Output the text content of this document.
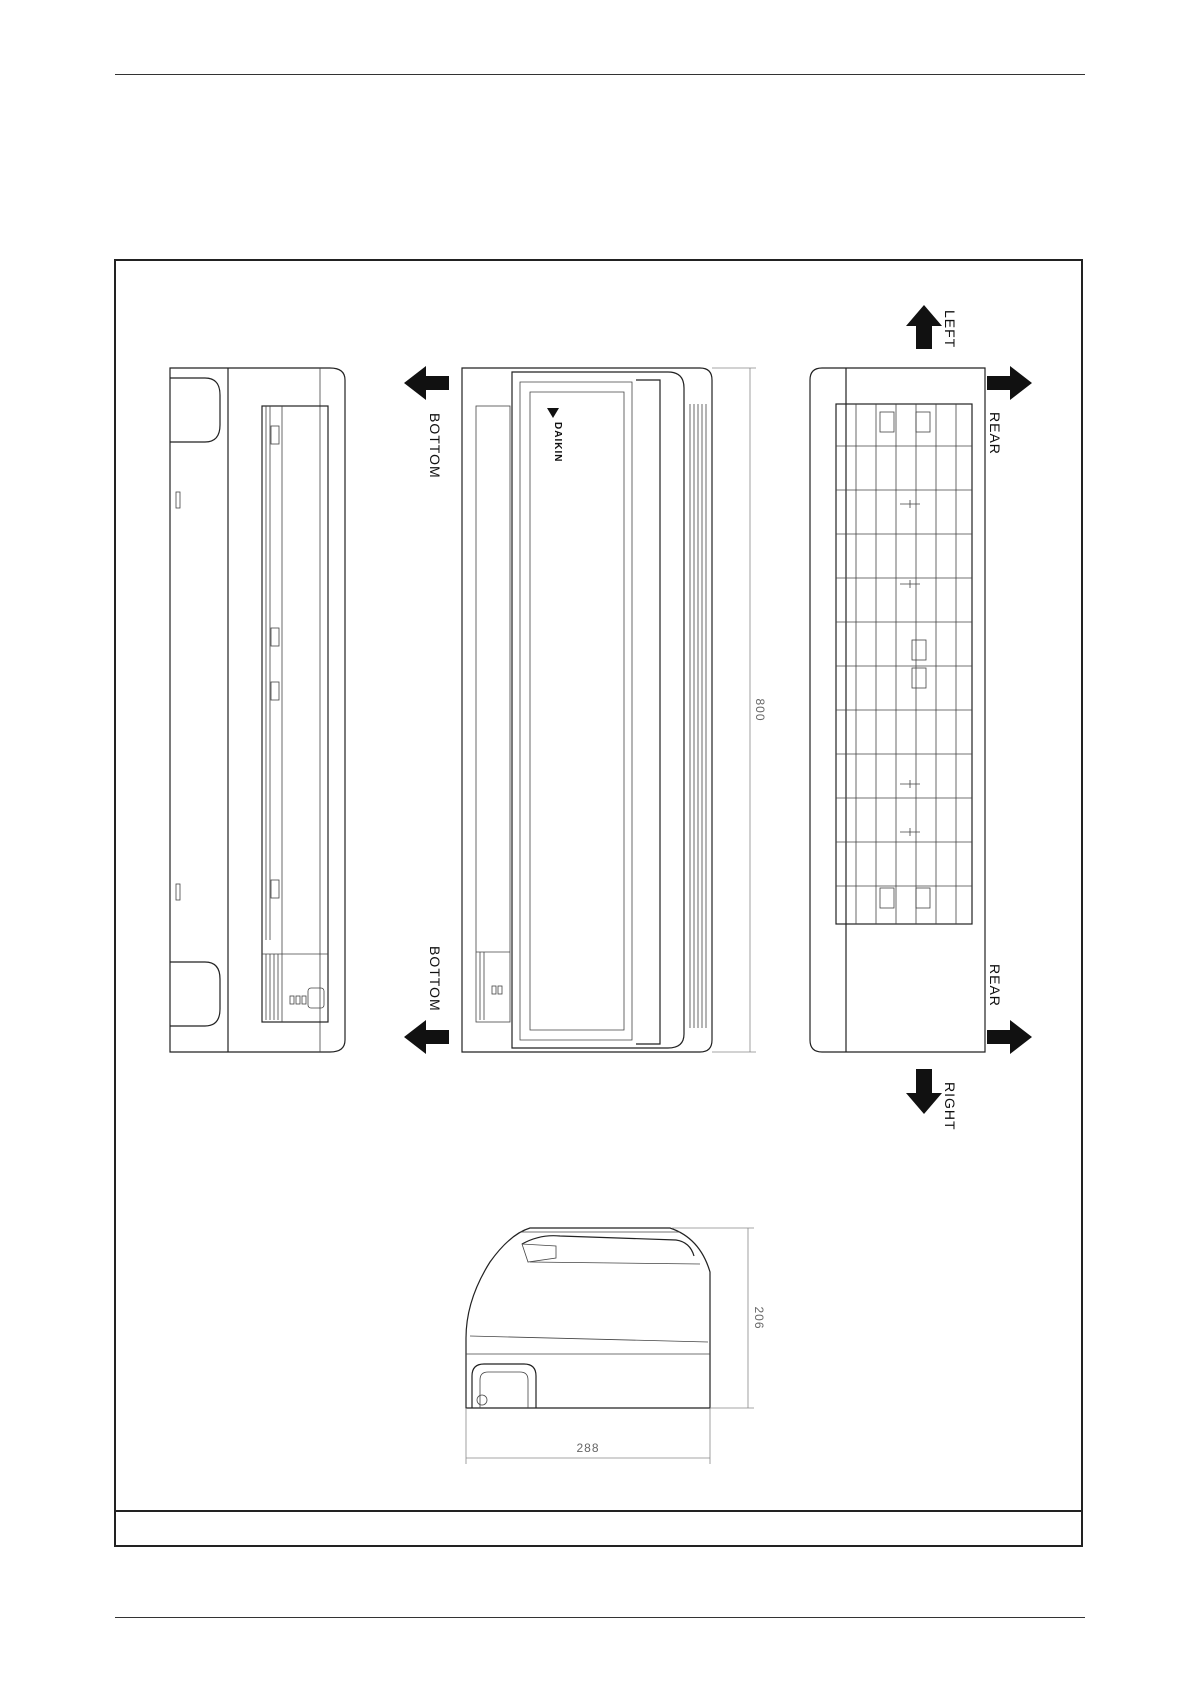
DAIKIN
800
LEFT
RIGHT
BOTTOM
BOTTOM
REAR
REAR
206
288
